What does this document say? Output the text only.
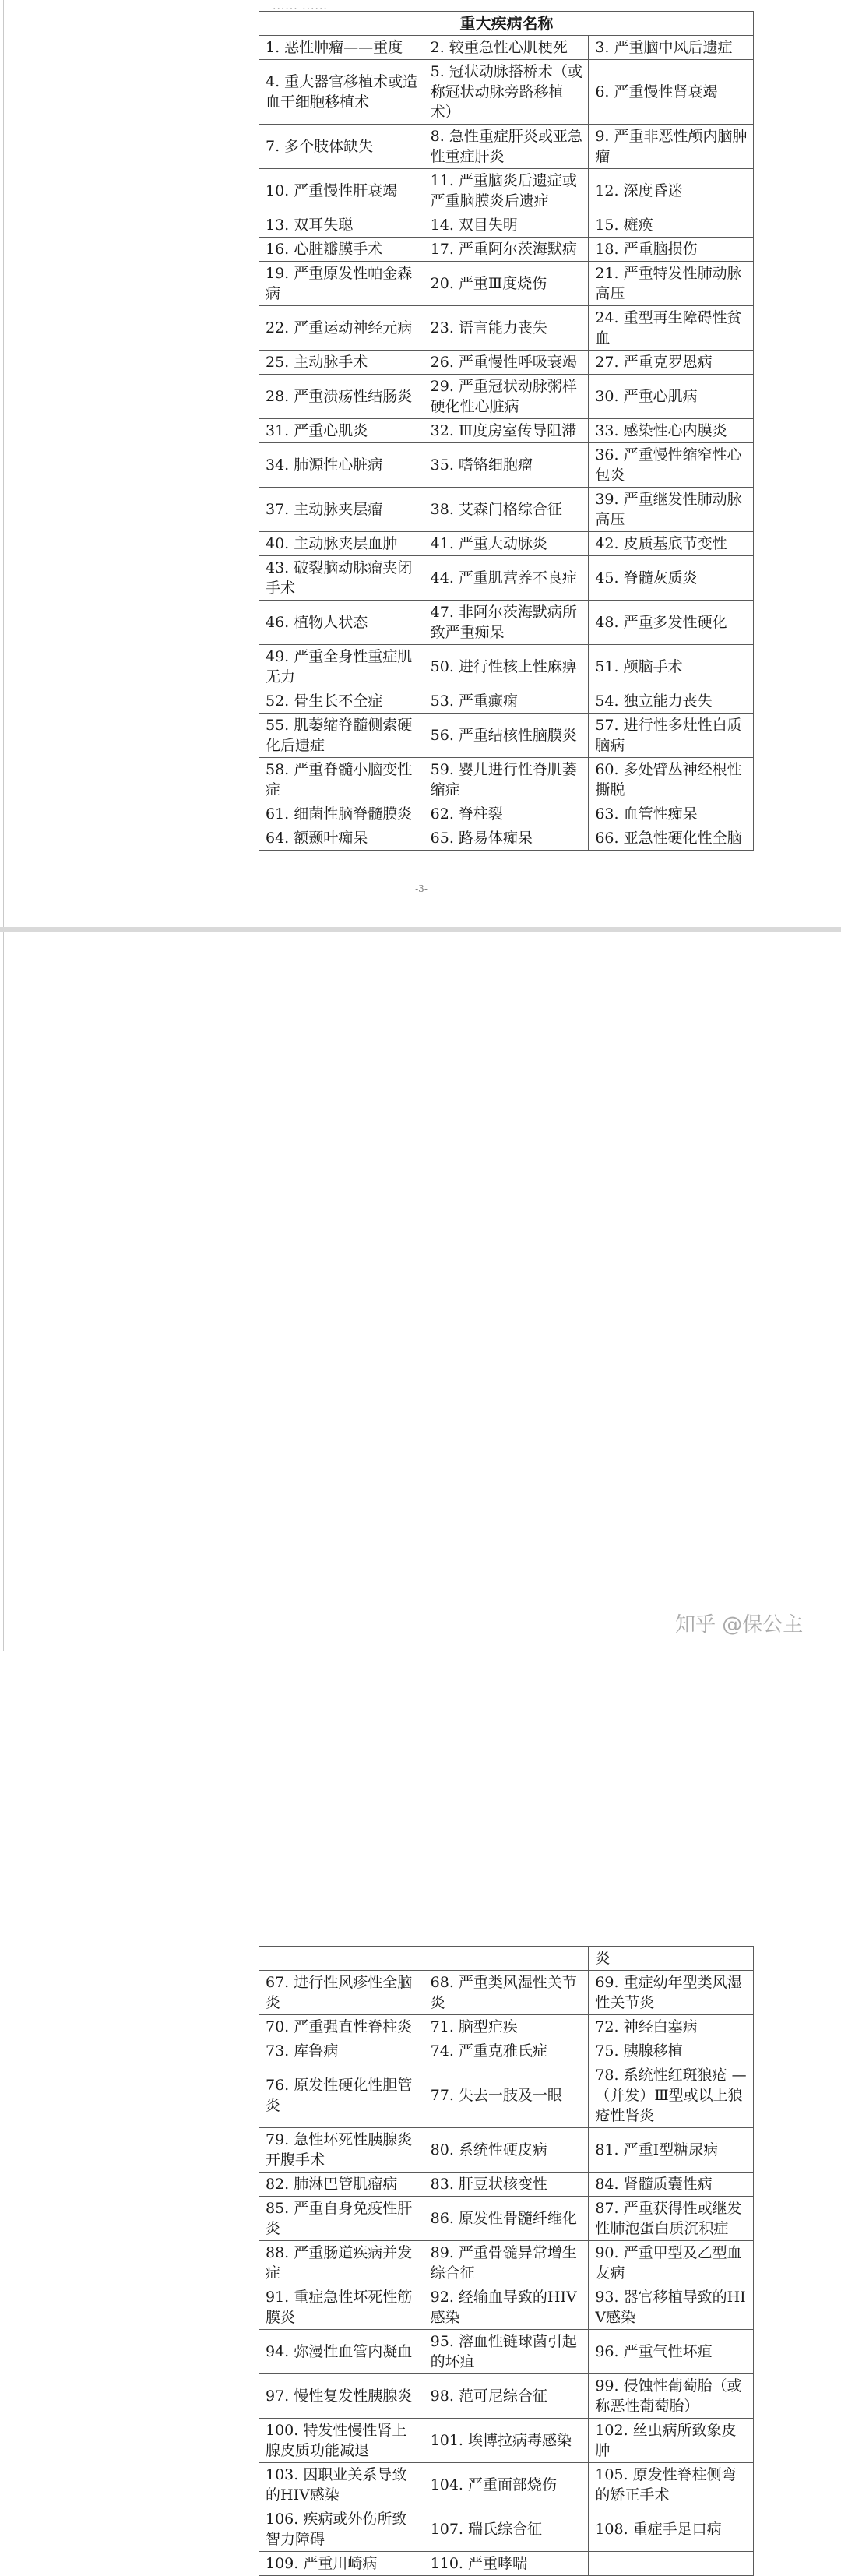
...... ......
重大疾病名称		
1. 恶性肿瘤——重度	2. 较重急性心肌梗死	3. 严重脑中风后遗症
4. 重大器官移植术或造血干细胞移植术	5. 冠状动脉搭桥术（或称冠状动脉旁路移植术）	6. 严重慢性肾衰竭
7. 多个肢体缺失	8. 急性重症肝炎或亚急性重症肝炎	9. 严重非恶性颅内脑肿瘤
10. 严重慢性肝衰竭	11. 严重脑炎后遗症或严重脑膜炎后遗症	12. 深度昏迷
13. 双耳失聪	14. 双目失明	15. 瘫痪
16. 心脏瓣膜手术	17. 严重阿尔茨海默病	18. 严重脑损伤
19. 严重原发性帕金森病	20. 严重Ⅲ度烧伤	21. 严重特发性肺动脉高压
22. 严重运动神经元病	23. 语言能力丧失	24. 重型再生障碍性贫血
25. 主动脉手术	26. 严重慢性呼吸衰竭	27. 严重克罗恩病
28. 严重溃疡性结肠炎	29. 严重冠状动脉粥样硬化性心脏病	30. 严重心肌病
31. 严重心肌炎	32. Ⅲ度房室传导阻滞	33. 感染性心内膜炎
34. 肺源性心脏病	35. 嗜铬细胞瘤	36. 严重慢性缩窄性心包炎
37. 主动脉夹层瘤	38. 艾森门格综合征	39. 严重继发性肺动脉高压
40. 主动脉夹层血肿	41. 严重大动脉炎	42. 皮质基底节变性
43. 破裂脑动脉瘤夹闭手术	44. 严重肌营养不良症	45. 脊髓灰质炎
46. 植物人状态	47. 非阿尔茨海默病所致严重痴呆	48. 严重多发性硬化
49. 严重全身性重症肌无力	50. 进行性核上性麻痹	51. 颅脑手术
52. 骨生长不全症	53. 严重癫痫	54. 独立能力丧失
55. 肌萎缩脊髓侧索硬化后遗症	56. 严重结核性脑膜炎	57. 进行性多灶性白质脑病
58. 严重脊髓小脑变性症	59. 婴儿进行性脊肌萎缩症	60. 多处臂丛神经根性撕脱
61. 细菌性脑脊髓膜炎	62. 脊柱裂	63. 血管性痴呆
64. 额颞叶痴呆	65. 路易体痴呆	66. 亚急性硬化性全脑
-3-
		炎
67. 进行性风疹性全脑炎	68. 严重类风湿性关节炎	69. 重症幼年型类风湿性关节炎
70. 严重强直性脊柱炎	71. 脑型疟疾	72. 神经白塞病
73. 库鲁病	74. 严重克雅氏症	75. 胰腺移植
76. 原发性硬化性胆管炎	77. 失去一肢及一眼	78. 系统性红斑狼疮 —（并发）Ⅲ型或以上狼疮性肾炎
79. 急性坏死性胰腺炎开腹手术	80. 系统性硬皮病	81. 严重Ⅰ型糖尿病
82. 肺淋巴管肌瘤病	83. 肝豆状核变性	84. 肾髓质囊性病
85. 严重自身免疫性肝炎	86. 原发性骨髓纤维化	87. 严重获得性或继发性肺泡蛋白质沉积症
88. 严重肠道疾病并发症	89. 严重骨髓异常增生综合征	90. 严重甲型及乙型血友病
91. 重症急性坏死性筋膜炎	92. 经输血导致的HIV感染	93. 器官移植导致的HIV感染
94. 弥漫性血管内凝血	95. 溶血性链球菌引起的坏疽	96. 严重气性坏疽
97. 慢性复发性胰腺炎	98. 范可尼综合征	99. 侵蚀性葡萄胎（或称恶性葡萄胎）
100. 特发性慢性肾上腺皮质功能减退	101. 埃博拉病毒感染	102. 丝虫病所致象皮肿
103. 因职业关系导致的HIV感染	104. 严重面部烧伤	105. 原发性脊柱侧弯的矫正手术
106. 疾病或外伤所致智力障碍	107. 瑞氏综合征	108. 重症手足口病
109. 严重川崎病	110. 严重哮喘	
知乎 @保公主
